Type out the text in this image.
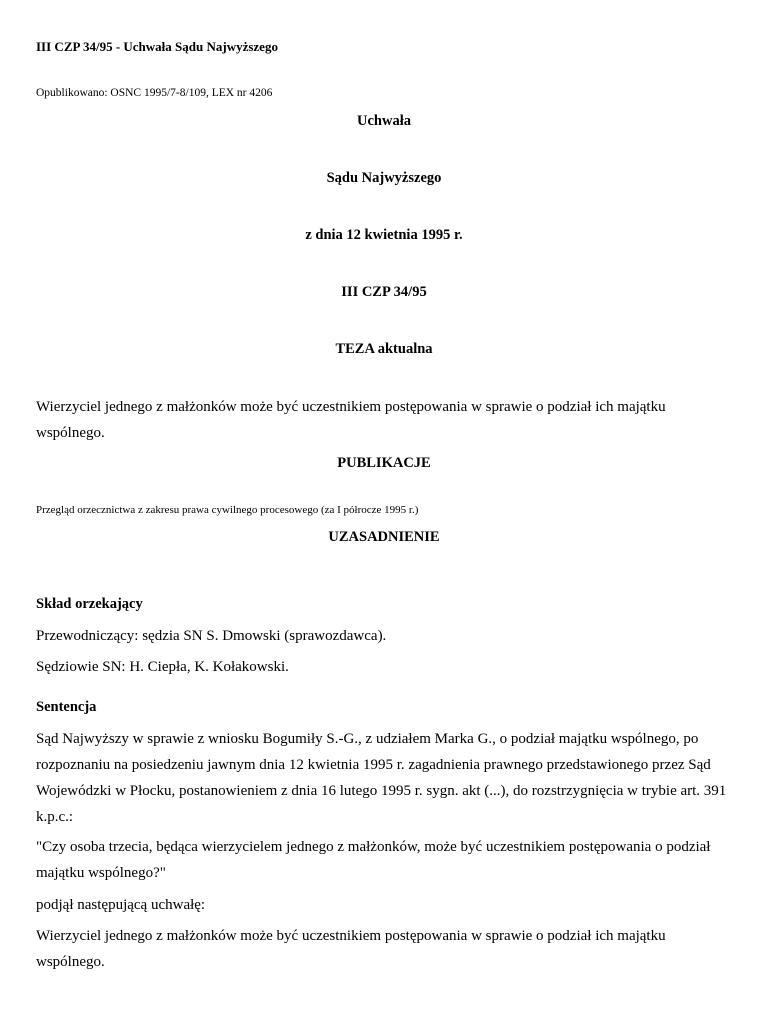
III CZP 34/95 - Uchwała Sądu Najwyższego

Opublikowano: OSNC 1995/7-8/109, LEX nr 4206

Uchwała

Sądu Najwyższego

z dnia 12 kwietnia 1995 r.

III CZP 34/95

TEZA aktualna

Wierzyciel jednego z małżonków może być uczestnikiem postępowania w sprawie o podział ich majątku wspólnego.

PUBLIKACJE

Przegląd orzecznictwa z zakresu prawa cywilnego procesowego (za I półrocze 1995 r.)

UZASADNIENIE

Skład orzekający

Przewodniczący: sędzia SN S. Dmowski (sprawozdawca).

Sędziowie SN: H. Ciepła, K. Kołakowski.

Sentencja

Sąd Najwyższy w sprawie z wniosku Bogumiły S.-G., z udziałem Marka G., o podział majątku wspólnego, po rozpoznaniu na posiedzeniu jawnym dnia 12 kwietnia 1995 r. zagadnienia prawnego przedstawionego przez Sąd Wojewódzki w Płocku, postanowieniem z dnia 16 lutego 1995 r. sygn. akt (...), do rozstrzygnięcia w trybie art. 391 k.p.c.:

"Czy osoba trzecia, będąca wierzycielem jednego z małżonków, może być uczestnikiem postępowania o podział majątku wspólnego?"

podjął następującą uchwałę:

Wierzyciel jednego z małżonków może być uczestnikiem postępowania w sprawie o podział ich majątku wspólnego.
